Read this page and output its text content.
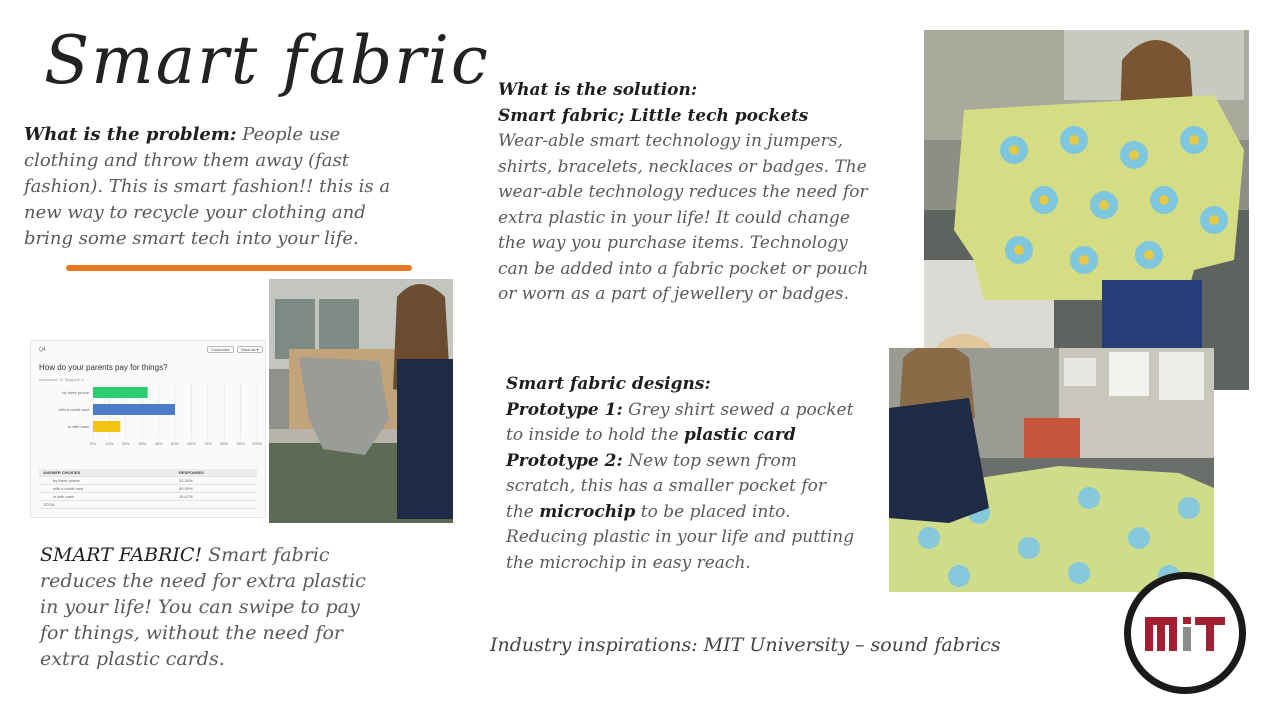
Smart fabric
What is the problem: People use clothing and throw them away (fast fashion). This is smart fashion!! this is a new way to recycle your clothing and bring some smart tech into your life.
What is the solution:
Smart fabric; Little tech pockets
Wear-able smart technology in jumpers, shirts, bracelets, necklaces or badges. The wear-able technology reduces the need for extra plastic in your life! It could change the way you purchase items. Technology can be added into a fabric pocket or pouch or worn as a part of jewellery or badges.
Smart fabric designs:
Prototype 1: Grey shirt sewed a pocket to inside to hold the plastic card
Prototype 2: New top sewn from scratch, this has a smaller pocket for the microchip to be placed into. Reducing plastic in your life and putting the microchip in easy reach.
SMART FABRIC! Smart fabric reduces the need for extra plastic in your life! You can swipe to pay for things, without the need for extra plastic cards.
Industry inspirations: MIT University – sound fabrics
Q4	Customize	Save as ▾
How do your parents pay for things?
Answered: 12 Skipped: 0
0% 10% 20% 30% 40% 50% 60% 70% 80% 90% 100%
by there phone
with a credit card
in with cash
ANSWER CHOICES	RESPONSES
by there phone	33.33%
with a credit card	50.00%
in with cash	16.67%
TOTAL
